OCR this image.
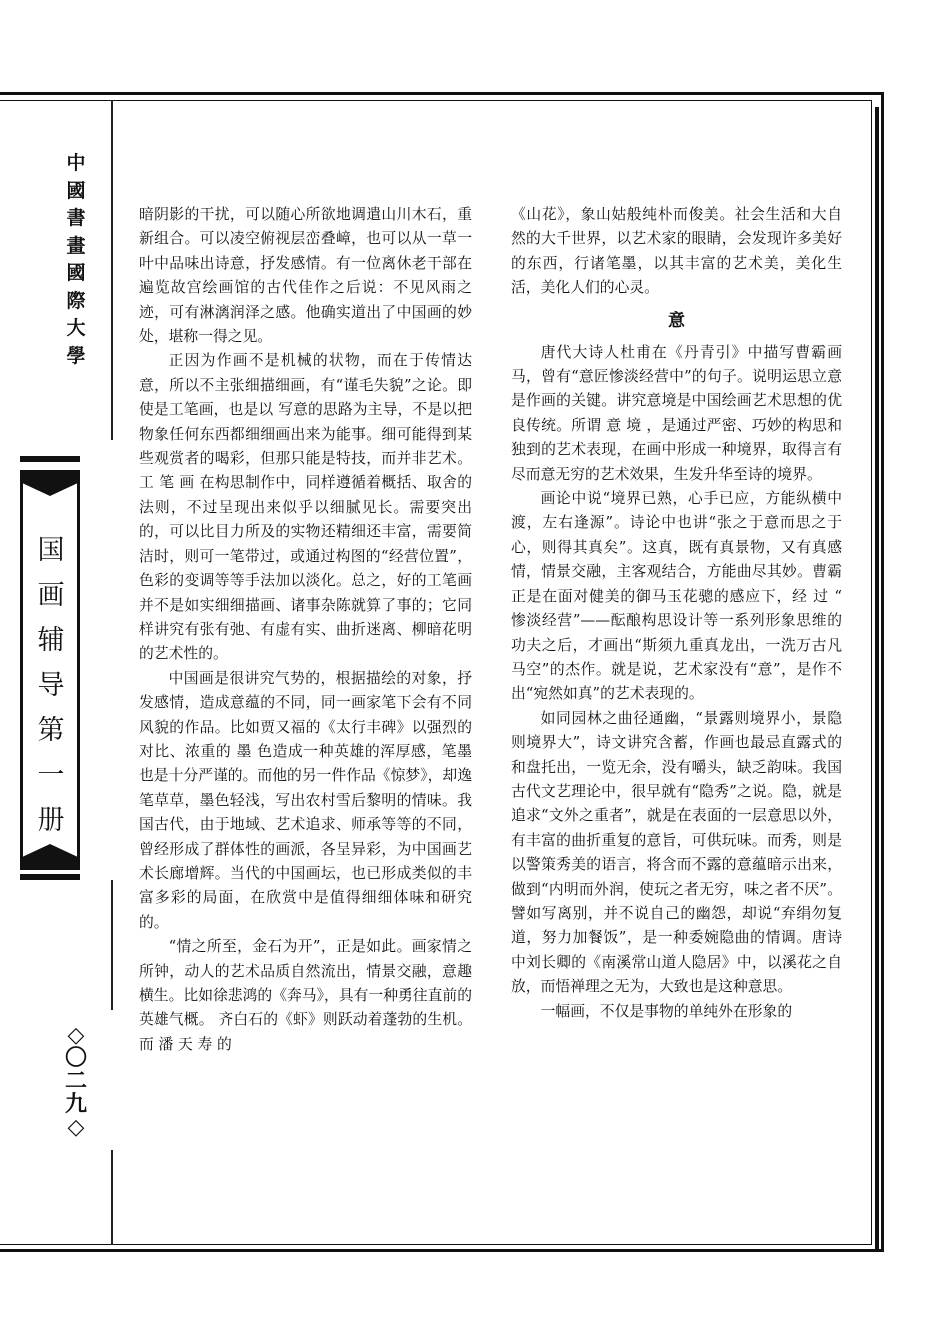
中國書畫國際大學
国画辅导第一册
◇〇二九◇

暗阴影的干扰，可以随心所欲地调遣山川木石，重新组合。可以凌空俯视层峦叠嶂，也可以从一草一叶中品味出诗意，抒发感情。有一位离休老干部在遍览故宫绘画馆的古代佳作之后说：不见风雨之迹，可有淋漓润泽之感。他确实道出了中国画的妙处，堪称一得之见。

正因为作画不是机械的状物，而在于传情达意，所以不主张细描细画，有“谨毛失貌”之论。即使是工笔画，也是以 写意的思路为主导，不是以把物象任何东西都细细画出来为能事。细可能得到某些观赏者的喝彩，但那只能是特技，而并非艺术。工 笔 画 在构思制作中，同样遵循着概括、取舍的法则，不过呈现出来似乎以细腻见长。需要突出的，可以比目力所及的实物还精细还丰富，需要简洁时，则可一笔带过，或通过构图的“经营位置”，色彩的变调等等手法加以淡化。总之，好的工笔画并不是如实细细描画、诸事杂陈就算了事的；它同样讲究有张有弛、有虚有实、曲折迷离、柳暗花明的艺术性的。

中国画是很讲究气势的，根据描绘的对象，抒发感情，造成意蕴的不同，同一画家笔下会有不同风貌的作品。比如贾又福的《太行丰碑》以强烈的对比、浓重的 墨 色造成一种英雄的浑厚感，笔墨也是十分严谨的。而他的另一件作品《惊梦》，却逸笔草草，墨色轻浅，写出农村雪后黎明的情味。我国古代，由于地域、艺术追求、师承等等的不同，曾经形成了群体性的画派，各呈异彩，为中国画艺术长廊增辉。当代的中国画坛，也已形成类似的丰富多彩的局面，在欣赏中是值得细细体味和研究的。

“情之所至，金石为开”，正是如此。画家情之所钟，动人的艺术品质自然流出，情景交融，意趣横生。比如徐悲鸿的《奔马》，具有一种勇往直前的英雄气概。 齐白石的《虾》则跃动着蓬勃的生机。而 潘 天 寿 的

《山花》，象山姑般纯朴而俊美。社会生活和大自然的大千世界，以艺术家的眼睛，会发现许多美好的东西，行诸笔墨，以其丰富的艺术美，美化生活，美化人们的心灵。

意

唐代大诗人杜甫在《丹青引》中描写曹霸画马，曾有“意匠惨淡经营中”的句子。说明运思立意是作画的关键。讲究意境是中国绘画艺术思想的优良传统。所谓 意 境 ，是通过严密、巧妙的构思和独到的艺术表现，在画中形成一种境界，取得言有尽而意无穷的艺术效果，生发升华至诗的境界。

画论中说“境界已熟，心手已应，方能纵横中渡，左右逢源”。诗论中也讲“张之于意而思之于心，则得其真矣”。这真，既有真景物，又有真感情，情景交融，主客观结合，方能曲尽其妙。曹霸正是在面对健美的御马玉花骢的感应下，经 过 “ 惨淡经营”——酝酿构思设计等一系列形象思维的功夫之后，才画出“斯须九重真龙出，一洗万古凡马空”的杰作。就是说，艺术家没有“意”，是作不出“宛然如真”的艺术表现的。

如同园林之曲径通幽，“景露则境界小，景隐则境界大”，诗文讲究含蓄，作画也最忌直露式的和盘托出，一览无余，没有嚼头，缺乏韵味。我国古代文艺理论中，很早就有“隐秀”之说。隐，就是追求“文外之重者”，就是在表面的一层意思以外，有丰富的曲折重复的意旨，可供玩味。而秀，则是以警策秀美的语言，将含而不露的意蕴暗示出来，做到“内明而外润，使玩之者无穷，味之者不厌”。譬如写离别，并不说自己的幽怨，却说“弃绢勿复道，努力加餐饭”，是一种委婉隐曲的情调。唐诗中刘长卿的《南溪常山道人隐居》中，以溪花之自放，而悟禅理之无为，大致也是这种意思。

一幅画，不仅是事物的单纯外在形象的
